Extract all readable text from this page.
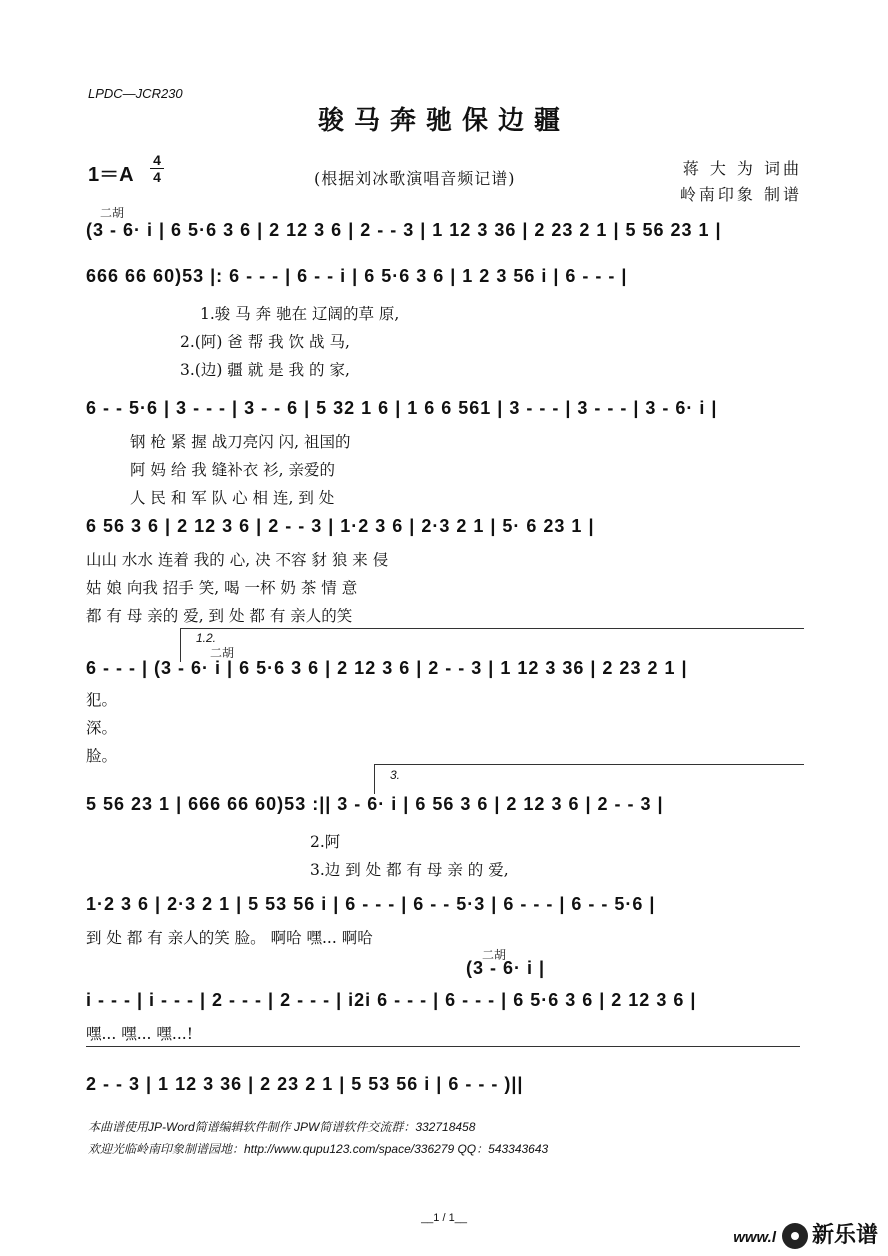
LPDC—JCR230
骏马奔驰保边疆
1＝A
4
4	(根据刘冰歌演唱音频记谱)
蒋 大 为 词曲
岭南印象 制谱
二胡
(3 - 6· i | 6 5·6 3 6 | 2 12 3 6 | 2 - - 3 | 1 12 3 36 | 2 23 2 1 | 5 56 23 1 |
666 66 60)53 |: 6 - - - | 6 - - i | 6 5·6 3 6 | 1 2 3 56 i | 6 - - - |
1.骏 马 奔 驰在 辽阔的草 原,
2.(阿) 爸 帮 我 饮 战 马,
3.(边) 疆 就 是 我 的 家,
6 - - 5·6 | 3 - - - | 3 - - 6 | 5 32 1 6 | 1 6 6 561 | 3 - - - | 3 - - - | 3 - 6· i |
钢 枪 紧 握 战刀亮闪 闪, 祖国的
阿 妈 给 我 缝补衣 衫, 亲爱的
人 民 和 军 队 心 相 连, 到 处
6 56 3 6 | 2 12 3 6 | 2 - - 3 | 1·2 3 6 | 2·3 2 1 | 5· 6 23 1 |
山山 水水 连着 我的 心, 决 不容 豺 狼 来 侵
姑 娘 向我 招手 笑, 喝 一杯 奶 茶 情 意
都 有 母 亲的 爱, 到 处 都 有 亲人的笑
1.2.
二胡
6 - - - | (3 - 6· i | 6 5·6 3 6 | 2 12 3 6 | 2 - - 3 | 1 12 3 36 | 2 23 2 1 |
犯。
深。
脸。
3.
5 56 23 1 | 666 66 60)53 :|| 3 - 6· i | 6 56 3 6 | 2 12 3 6 | 2 - - 3 |
2.阿
3.边 到 处 都 有 母 亲 的 爱,
1·2 3 6 | 2·3 2 1 | 5 53 56 i | 6 - - - | 6 - - 5·3 | 6 - - - | 6 - - 5·6 |
到 处 都 有 亲人的笑 脸。 啊哈 嘿... 啊哈
二胡
(3 - 6· i |
i - - - | i - - - | 2 - - - | 2 - - - | i2i 6 - - - | 6 - - - | 6 5·6 3 6 | 2 12 3 6 |
嘿... 嘿... 嘿...!
2 - - 3 | 1 12 3 36 | 2 23 2 1 | 5 53 56 i | 6 - - - )||
本曲谱使用JP-Word简谱编辑软件制作 JPW简谱软件交流群：332718458
欢迎光临岭南印象制谱园地：http://www.qupu123.com/space/336279 QQ：543343643
__1 / 1__
www.l 新乐谱
